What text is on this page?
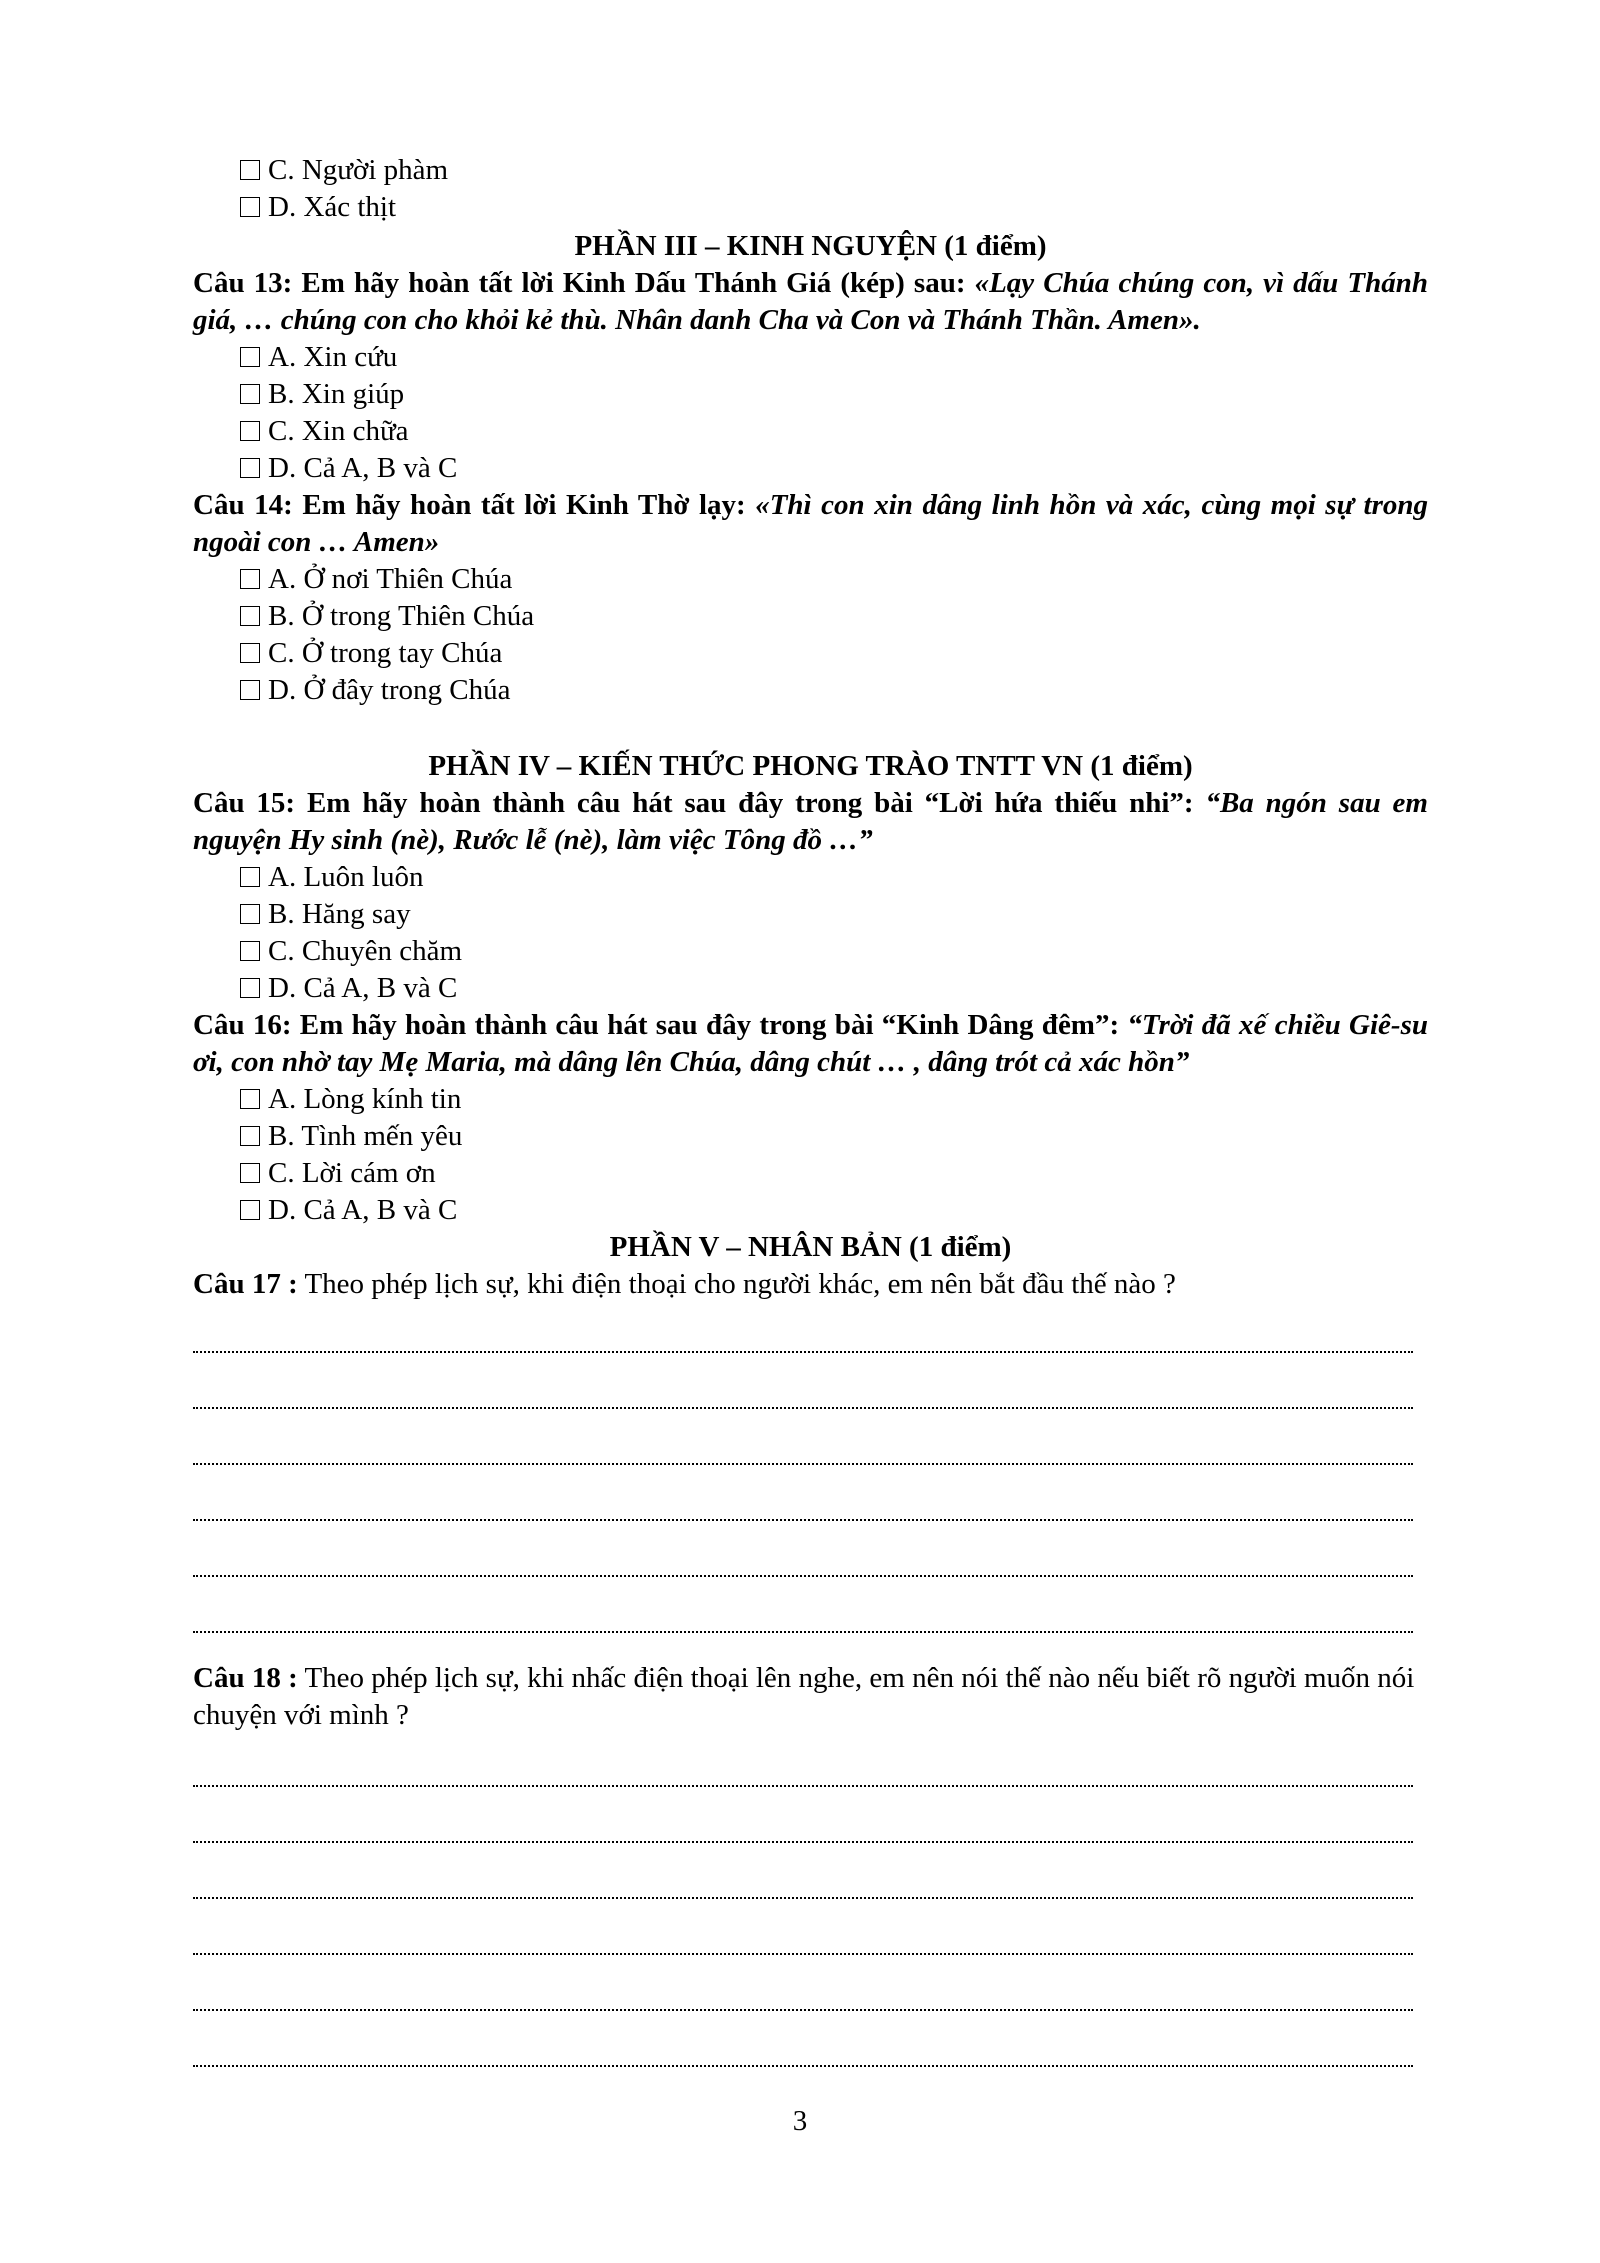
C. Người phàm
D. Xác thịt
PHẦN III – KINH NGUYỆN (1 điểm)
Câu 13: Em hãy hoàn tất lời Kinh Dấu Thánh Giá (kép) sau: «Lạy Chúa chúng con, vì dấu Thánh giá, … chúng con cho khỏi kẻ thù. Nhân danh Cha và Con và Thánh Thần. Amen».
A. Xin cứu
B. Xin giúp
C. Xin chữa
D. Cả A, B và C
Câu 14: Em hãy hoàn tất lời Kinh Thờ lạy: «Thì con xin dâng linh hồn và xác, cùng mọi sự trong ngoài con … Amen»
A. Ở nơi Thiên Chúa
B. Ở trong Thiên Chúa
C. Ở trong tay Chúa
D. Ở đây trong Chúa
PHẦN IV – KIẾN THỨC PHONG TRÀO TNTT VN (1 điểm)
Câu 15: Em hãy hoàn thành câu hát sau đây trong bài “Lời hứa thiếu nhi”: “Ba ngón sau em nguyện Hy sinh (nè), Rước lễ (nè), làm việc Tông đồ …”
A. Luôn luôn
B. Hăng say
C. Chuyên chăm
D. Cả A, B và C
Câu 16: Em hãy hoàn thành câu hát sau đây trong bài “Kinh Dâng đêm”: “Trời đã xế chiều Giê-su ơi, con nhờ tay Mẹ Maria, mà dâng lên Chúa, dâng chút … , dâng trót cả xác hồn”
A. Lòng kính tin
B. Tình mến yêu
C. Lời cám ơn
D. Cả A, B và C
PHẦN V – NHÂN BẢN (1 điểm)
Câu 17 : Theo phép lịch sự, khi điện thoại cho người khác, em nên bắt đầu thế nào ?
Câu 18 : Theo phép lịch sự, khi nhấc điện thoại lên nghe, em nên nói thế nào nếu biết rõ người muốn nói chuyện với mình ?
3
